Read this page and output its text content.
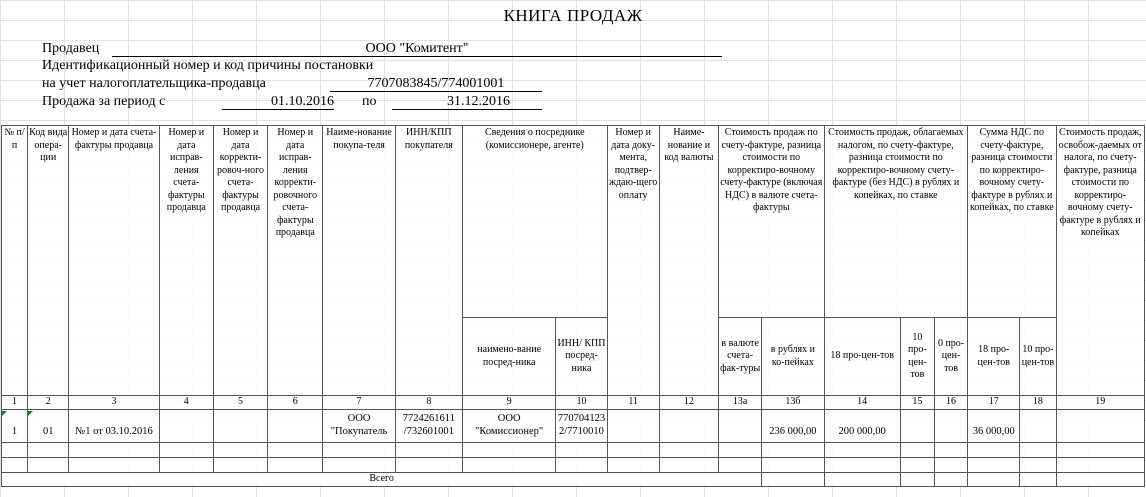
КНИГА ПРОДАЖ
Продавец	ООО "Комитент"
Идентификационный номер и код причины постановки
на учет налогоплательщика-продавца	7707083845/774001001
Продажа за период с	01.10.2016 по	31.12.2016
№ п/п	Код вида опера-ции	Номер и дата счета-фактуры продавца	Номер и дата исправ-ления счета-фактуры продавца	Номер и дата корректи-ровоч-ного счета-фактуры продавца	Номер и дата исправ-ления корректи-ровочного счета-фактуры продавца	Наиме-нование покупа-теля	ИНН/КПП покупателя	Сведения о посреднике (комиссионере, агенте)		Номер и дата доку-мента, подтвер-ждаю-щего оплату	Наиме-нование и код валюты	Стоимость продаж по счету-фактуре, разница стоимости по корректиро-вочному счету-фактуре (включая НДС) в валюте счета-фактуры		Стоимость продаж, облагаемых налогом, по счету-фактуре, разница стоимости по корректиро-вочному счету-фактуре (без НДС) в рублях и копейках, по ставке			Сумма НДС по счету-фактуре, разница стоимости по корректиро-вочному счету-фактуре в рублях и копейках, по ставке		Стоимость продаж, освобож-даемых от налога, по счету-фактуре, разница стоимости по корректиро-вочному счету-фактуре в рублях и копейках
								наимено-вание посред-ника	ИНН/ КПП посред-ника			в валюте счета-фак-туры	в рублях и ко-пейках	18 про-цен-тов	10 про-цен-тов	0 про-цен-тов	18 про-цен-тов	10 про-цен-тов	
1	2	3	4	5	6	7	8	9	10	11	12	13а	13б	14	15	16	17	18	19
1	01	№1 от 03.10.2016				ООО "Покупатель	7724261611 /732601001	ООО "Комиссионер"	770704123 2/7710010				236 000,00	200 000,00			36 000,00		

Всего																			
